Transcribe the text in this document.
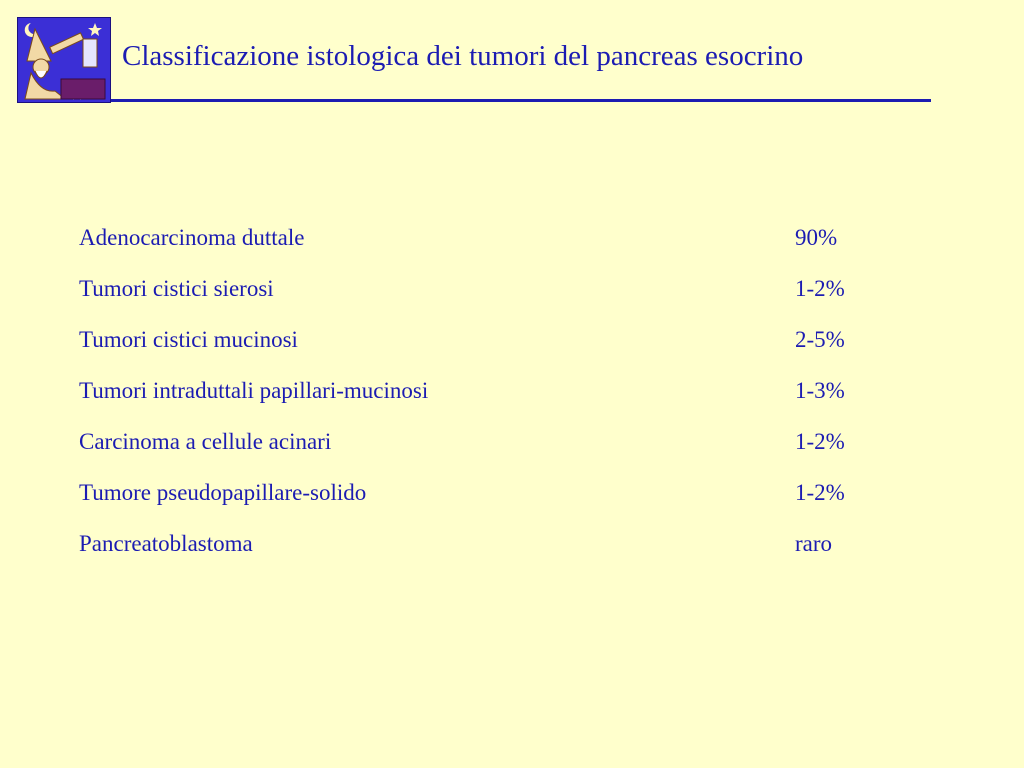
Classificazione istologica dei tumori del pancreas esocrino
Adenocarcinoma duttale	90%
Tumori cistici sierosi	1-2%
Tumori cistici mucinosi	2-5%
Tumori intraduttali papillari-mucinosi	1-3%
Carcinoma a cellule acinari	1-2%
Tumore pseudopapillare-solido	1-2%
Pancreatoblastoma	raro
